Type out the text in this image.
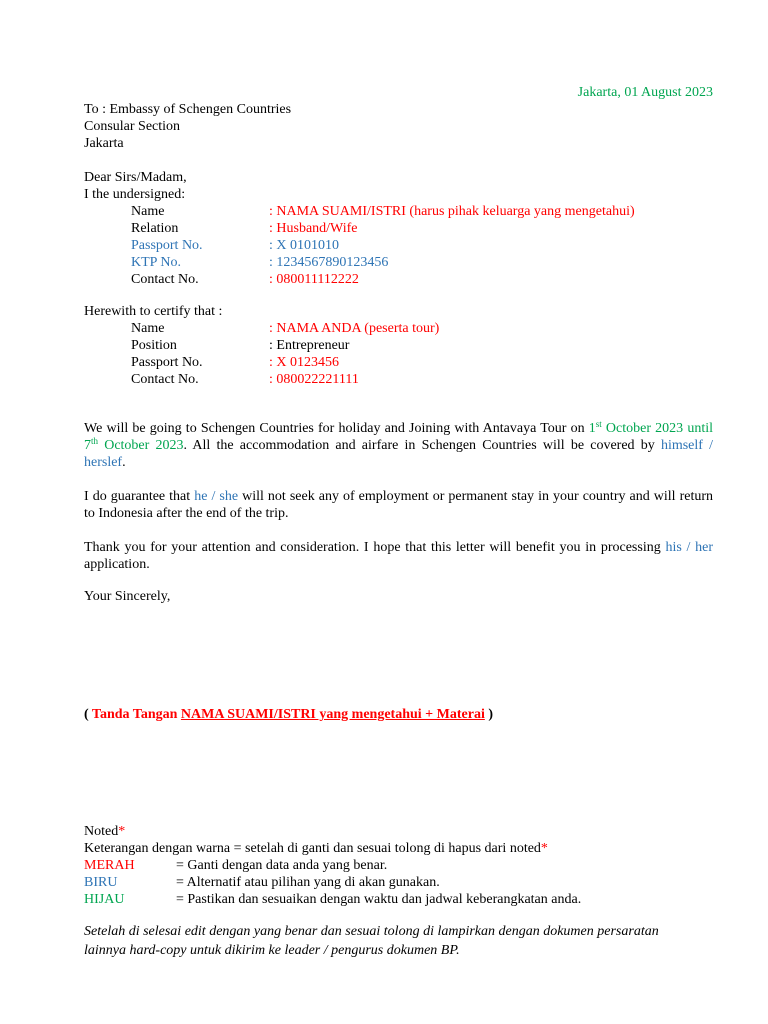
Jakarta, 01 August 2023
To : Embassy of Schengen Countries
Consular Section
Jakarta
Dear Sirs/Madam,
I the undersigned:
Name	: NAMA SUAMI/ISTRI (harus pihak keluarga yang mengetahui)
Relation	: Husband/Wife
Passport No.	: X 0101010
KTP No.	: 1234567890123456
Contact No.	: 080011112222
Herewith to certify that :
Name	: NAMA ANDA (peserta tour)
Position	: Entrepreneur
Passport No.	: X 0123456
Contact No.	: 080022221111
We will be going to Schengen Countries for holiday and Joining with Antavaya Tour on 1st October 2023 until 7th October 2023. All the accommodation and airfare in Schengen Countries will be covered by himself / herslef.
I do guarantee that he / she will not seek any of employment or permanent stay in your country and will return to Indonesia after the end of the trip.
Thank you for your attention and consideration. I hope that this letter will benefit you in processing his / her application.
Your Sincerely,
( Tanda Tangan NAMA SUAMI/ISTRI yang mengetahui + Materai )
Noted*
Keterangan dengan warna = setelah di ganti dan sesuai tolong di hapus dari noted*
MERAH	= Ganti dengan data anda yang benar.
BIRU	= Alternatif atau pilihan yang di akan gunakan.
HIJAU	= Pastikan dan sesuaikan dengan waktu dan jadwal keberangkatan anda.
Setelah di selesai edit dengan yang benar dan sesuai tolong di lampirkan dengan dokumen persaratan lainnya hard-copy untuk dikirim ke leader / pengurus dokumen BP.
